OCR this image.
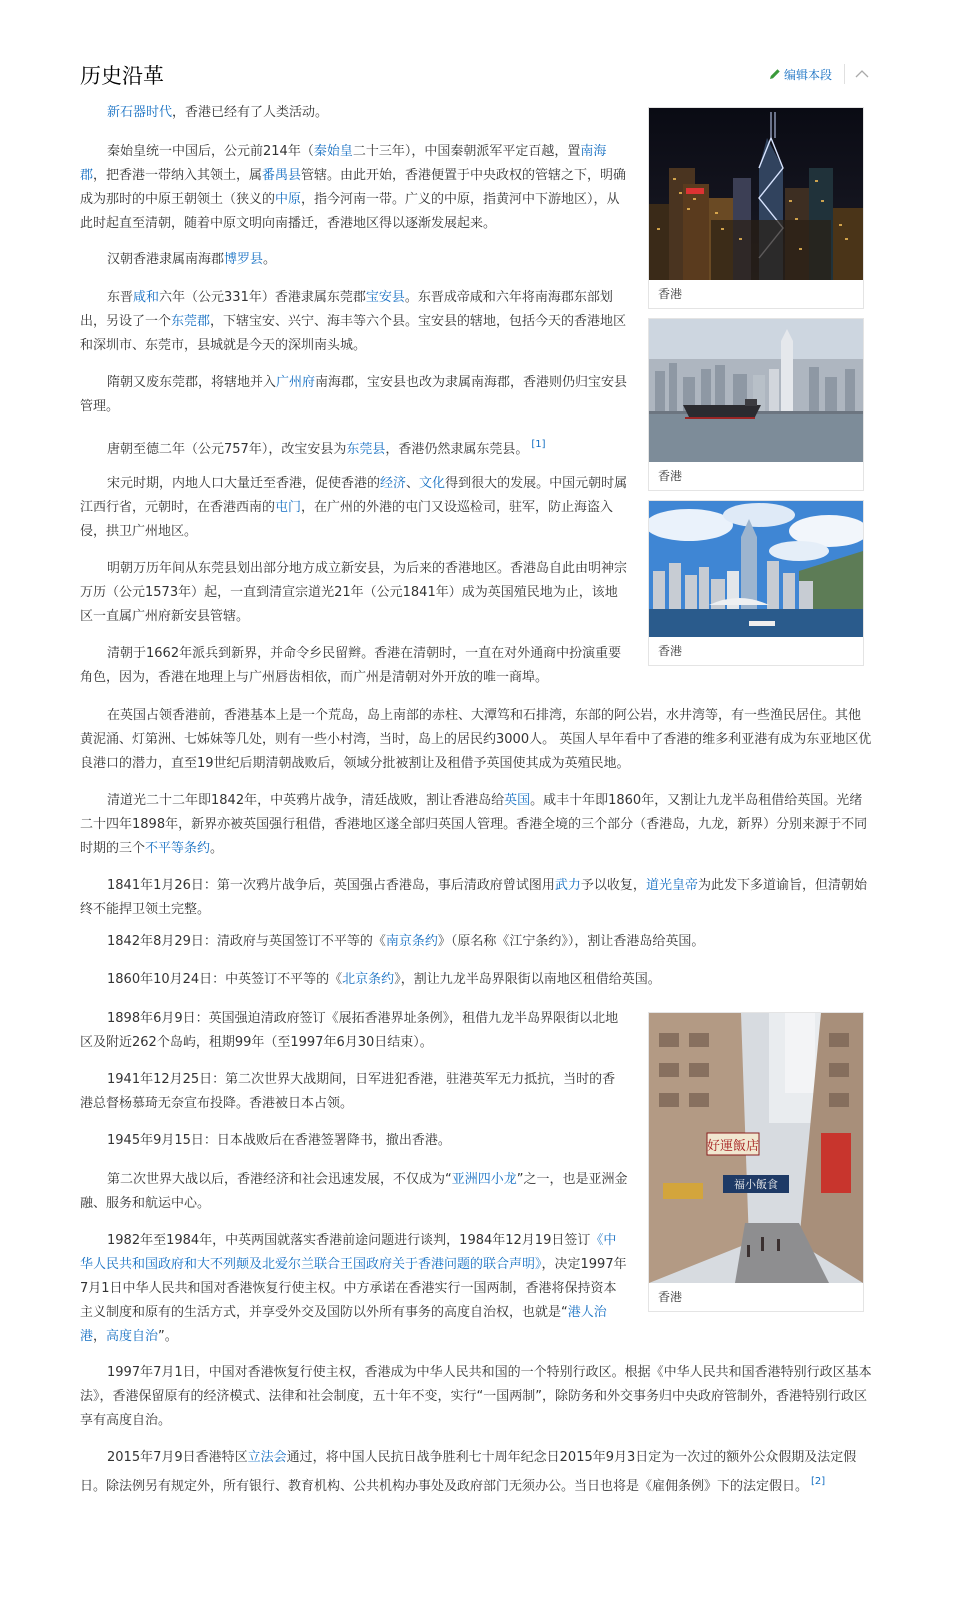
历史沿革	编辑本段
香港
香港
香港
好運飯店
福小飯食
香港

新石器时代，香港已经有了人类活动。

秦始皇统一中国后，公元前214年（秦始皇二十三年），中国秦朝派军平定百越，置南海郡，把香港一带纳入其领土，属番禺县管辖。由此开始，香港便置于中央政权的管辖之下，明确成为那时的中原王朝领土（狭义的中原，指今河南一带。广义的中原，指黄河中下游地区），从此时起直至清朝，随着中原文明向南播迁，香港地区得以逐渐发展起来。

汉朝香港隶属南海郡博罗县。

东晋咸和六年（公元331年）香港隶属东莞郡宝安县。东晋成帝咸和六年将南海郡东部划出，另设了一个东莞郡，下辖宝安、兴宁、海丰等六个县。宝安县的辖地，包括今天的香港地区和深圳市、东莞市，县城就是今天的深圳南头城。

隋朝又废东莞郡，将辖地并入广州府南海郡，宝安县也改为隶属南海郡，香港则仍归宝安县管理。

唐朝至德二年（公元757年），改宝安县为东莞县，香港仍然隶属东莞县。 [1]

宋元时期，内地人口大量迁至香港，促使香港的经济、文化得到很大的发展。中国元朝时属江西行省，元朝时，在香港西南的屯门，在广州的外港的屯门又设巡检司，驻军，防止海盗入侵，拱卫广州地区。

明朝万历年间从东莞县划出部分地方成立新安县，为后来的香港地区。香港岛自此由明神宗万历（公元1573年）起，一直到清宣宗道光21年（公元1841年）成为英国殖民地为止，该地区一直属广州府新安县管辖。

清朝于1662年派兵到新界，并命令乡民留辫。香港在清朝时，一直在对外通商中扮演重要角色，因为，香港在地理上与广州唇齿相依，而广州是清朝对外开放的唯一商埠。

在英国占领香港前，香港基本上是一个荒岛，岛上南部的赤柱、大潭笃和石排湾，东部的阿公岩，水井湾等，有一些渔民居住。其他黄泥涌、灯第洲、七姊妹等几处，则有一些小村湾，当时，岛上的居民约3000人。 英国人早年看中了香港的维多利亚港有成为东亚地区优良港口的潜力，直至19世纪后期清朝战败后，领域分批被割让及租借予英国使其成为英殖民地。

清道光二十二年即1842年，中英鸦片战争，清廷战败，割让香港岛给英国。咸丰十年即1860年，又割让九龙半岛租借给英国。光绪二十四年1898年，新界亦被英国强行租借，香港地区遂全部归英国人管理。香港全境的三个部分（香港岛，九龙，新界）分别来源于不同时期的三个不平等条约。

1841年1月26日：第一次鸦片战争后，英国强占香港岛，事后清政府曾试图用武力予以收复，道光皇帝为此发下多道谕旨，但清朝始终不能捍卫领土完整。

1842年8月29日：清政府与英国签订不平等的《南京条约》（原名称《江宁条约》），割让香港岛给英国。

1860年10月24日：中英签订不平等的《北京条约》，割让九龙半岛界限街以南地区租借给英国。

1898年6月9日：英国强迫清政府签订《展拓香港界址条例》，租借九龙半岛界限街以北地区及附近262个岛屿，租期99年（至1997年6月30日结束）。

1941年12月25日：第二次世界大战期间，日军进犯香港，驻港英军无力抵抗，当时的香港总督杨慕琦无奈宣布投降。香港被日本占领。

1945年9月15日：日本战败后在香港签署降书，撤出香港。

第二次世界大战以后，香港经济和社会迅速发展，不仅成为“亚洲四小龙”之一，也是亚洲金融、服务和航运中心。

1982年至1984年，中英两国就落实香港前途问题进行谈判，1984年12月19日签订《中华人民共和国政府和大不列颠及北爱尔兰联合王国政府关于香港问题的联合声明》，决定1997年7月1日中华人民共和国对香港恢复行使主权。中方承诺在香港实行一国两制，香港将保持资本主义制度和原有的生活方式，并享受外交及国防以外所有事务的高度自治权，也就是“港人治港，高度自治”。

1997年7月1日，中国对香港恢复行使主权，香港成为中华人民共和国的一个特别行政区。根据《中华人民共和国香港特别行政区基本法》，香港保留原有的经济模式、法律和社会制度，五十年不变，实行“一国两制”，除防务和外交事务归中央政府管制外，香港特别行政区享有高度自治。

2015年7月9日香港特区立法会通过，将中国人民抗日战争胜利七十周年纪念日2015年9月3日定为一次过的额外公众假期及法定假日。除法例另有规定外，所有银行、教育机构、公共机构办事处及政府部门无须办公。当日也将是《雇佣条例》下的法定假日。 [2]
